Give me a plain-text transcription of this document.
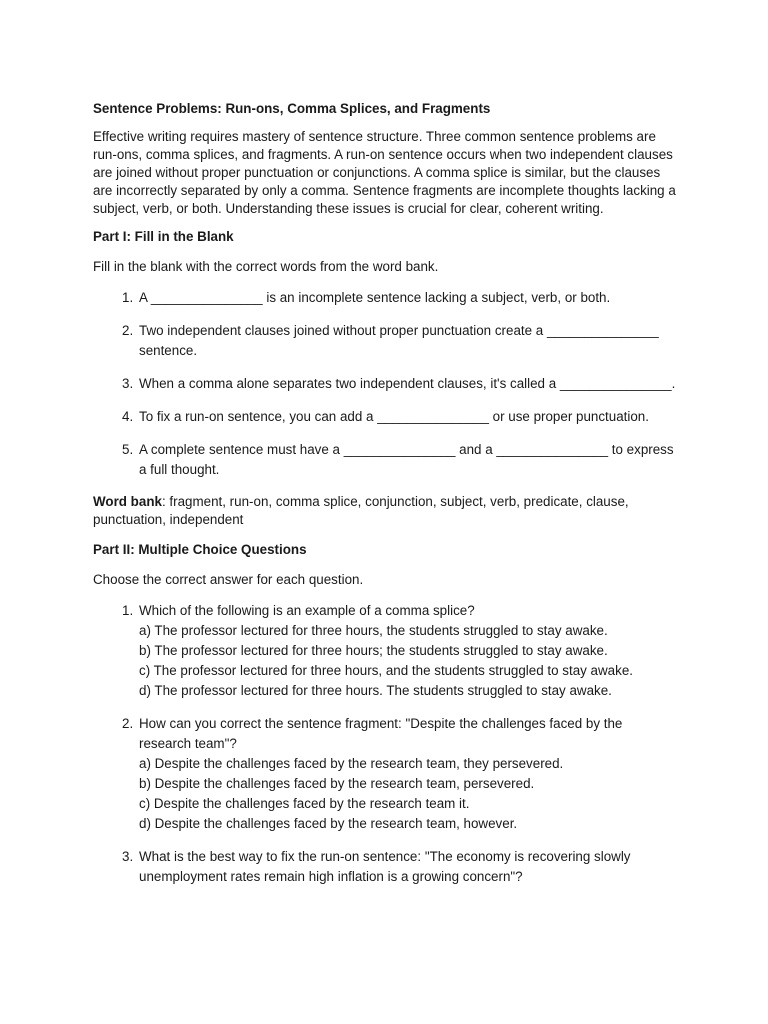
Sentence Problems: Run-ons, Comma Splices, and Fragments
Effective writing requires mastery of sentence structure. Three common sentence problems are run-ons, comma splices, and fragments. A run-on sentence occurs when two independent clauses are joined without proper punctuation or conjunctions. A comma splice is similar, but the clauses are incorrectly separated by only a comma. Sentence fragments are incomplete thoughts lacking a subject, verb, or both. Understanding these issues is crucial for clear, coherent writing.
Part I: Fill in the Blank
Fill in the blank with the correct words from the word bank.
1. A _______________ is an incomplete sentence lacking a subject, verb, or both.
2. Two independent clauses joined without proper punctuation create a _______________ sentence.
3. When a comma alone separates two independent clauses, it's called a _______________.
4. To fix a run-on sentence, you can add a _______________ or use proper punctuation.
5. A complete sentence must have a _______________ and a _______________ to express a full thought.
Word bank: fragment, run-on, comma splice, conjunction, subject, verb, predicate, clause, punctuation, independent
Part II: Multiple Choice Questions
Choose the correct answer for each question.
1. Which of the following is an example of a comma splice?
a) The professor lectured for three hours, the students struggled to stay awake.
b) The professor lectured for three hours; the students struggled to stay awake.
c) The professor lectured for three hours, and the students struggled to stay awake.
d) The professor lectured for three hours. The students struggled to stay awake.
2. How can you correct the sentence fragment: "Despite the challenges faced by the research team"?
a) Despite the challenges faced by the research team, they persevered.
b) Despite the challenges faced by the research team, persevered.
c) Despite the challenges faced by the research team it.
d) Despite the challenges faced by the research team, however.
3. What is the best way to fix the run-on sentence: "The economy is recovering slowly unemployment rates remain high inflation is a growing concern"?
